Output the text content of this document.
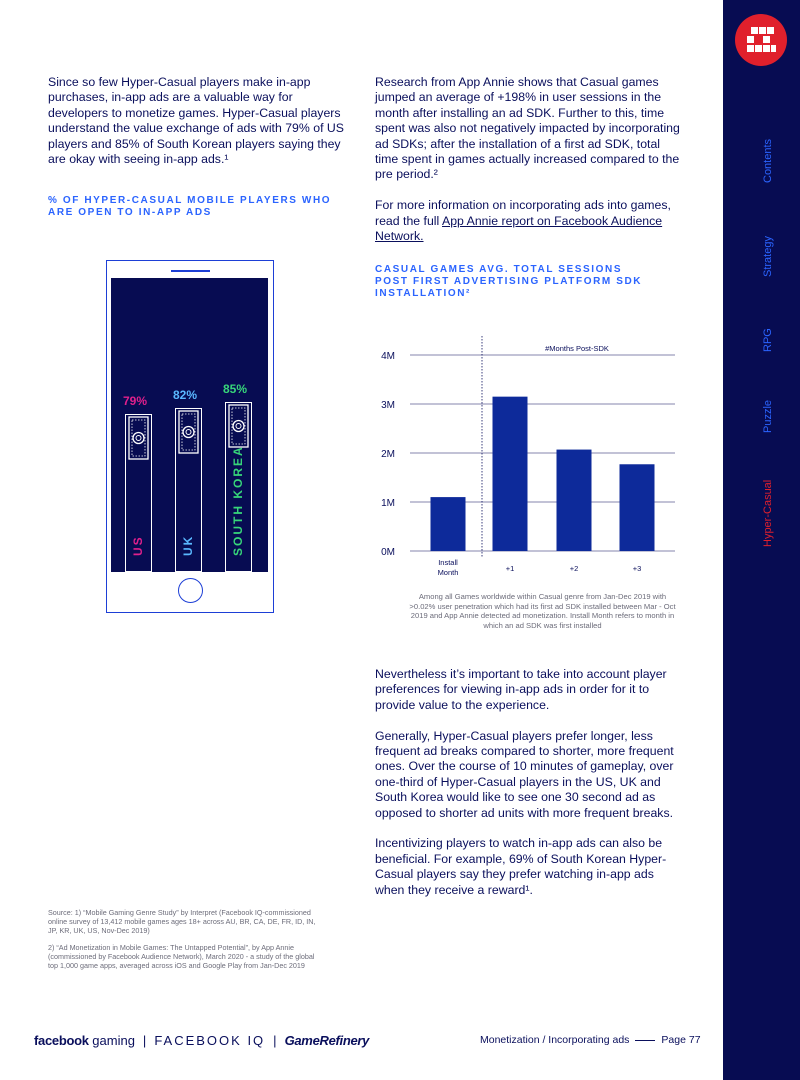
Contents
Strategy
RPG
Puzzle
Hyper-Casual

Since so few Hyper-Casual players make in-app purchases, in-app ads are a valuable way for developers to monetize games. Hyper-Casual players understand the value exchange of ads with 79% of US players and 85% of South Korean players saying they are okay with seeing in-app ads.¹

% OF HYPER-CASUAL MOBILE PLAYERS WHO ARE OPEN TO IN-APP ADS
79%
US
82%
UK
85%
SOUTH KOREA

Research from App Annie shows that Casual games jumped an average of +198% in user sessions in the month after installing an ad SDK. Further to this, time spent was also not negatively impacted by incorporating ad SDKs; after the installation of a first ad SDK, total time spent in games actually increased compared to the pre period.²

For more information on incorporating ads into games, read the full App Annie report on Facebook Audience Network.

CASUAL GAMES AVG. TOTAL SESSIONS POST FIRST ADVERTISING PLATFORM SDK INSTALLATION²
0M
1M
2M
3M
4M
#Months Post-SDK
Install Month	+1	+2	+3
Among all Games worldwide within Casual genre from Jan-Dec 2019 with >0.02% user penetration which had its first ad SDK installed between Mar - Oct 2019 and App Annie detected ad monetization. Install Month refers to month in which an ad SDK was first installed

Nevertheless it’s important to take into account player preferences for viewing in-app ads in order for it to provide value to the experience.

Generally, Hyper-Casual players prefer longer, less frequent ad breaks compared to shorter, more frequent ones. Over the course of 10 minutes of gameplay, over one-third of Hyper-Casual players in the US, UK and South Korea would like to see one 30 second ad as opposed to shorter ad units with more frequent breaks.

Incentivizing players to watch in-app ads can also be beneficial. For example, 69% of South Korean Hyper-Casual players say they prefer watching in-app ads when they receive a reward¹.

Source: 1) “Mobile Gaming Genre Study” by Interpret (Facebook IQ-commissioned online survey of 13,412 mobile games ages 18+ across AU, BR, CA, DE, FR, ID, IN, JP, KR, UK, US, Nov-Dec 2019)

2) “Ad Monetization in Mobile Games: The Untapped Potential”, by App Annie (commissioned by Facebook Audience Network), March 2020 - a study of the global top 1,000 game apps, averaged across iOS and Google Play from Jan-Dec 2019

facebook gaming | FACEBOOK IQ | GameRefinery	Monetization / Incorporating ads	Page 77
